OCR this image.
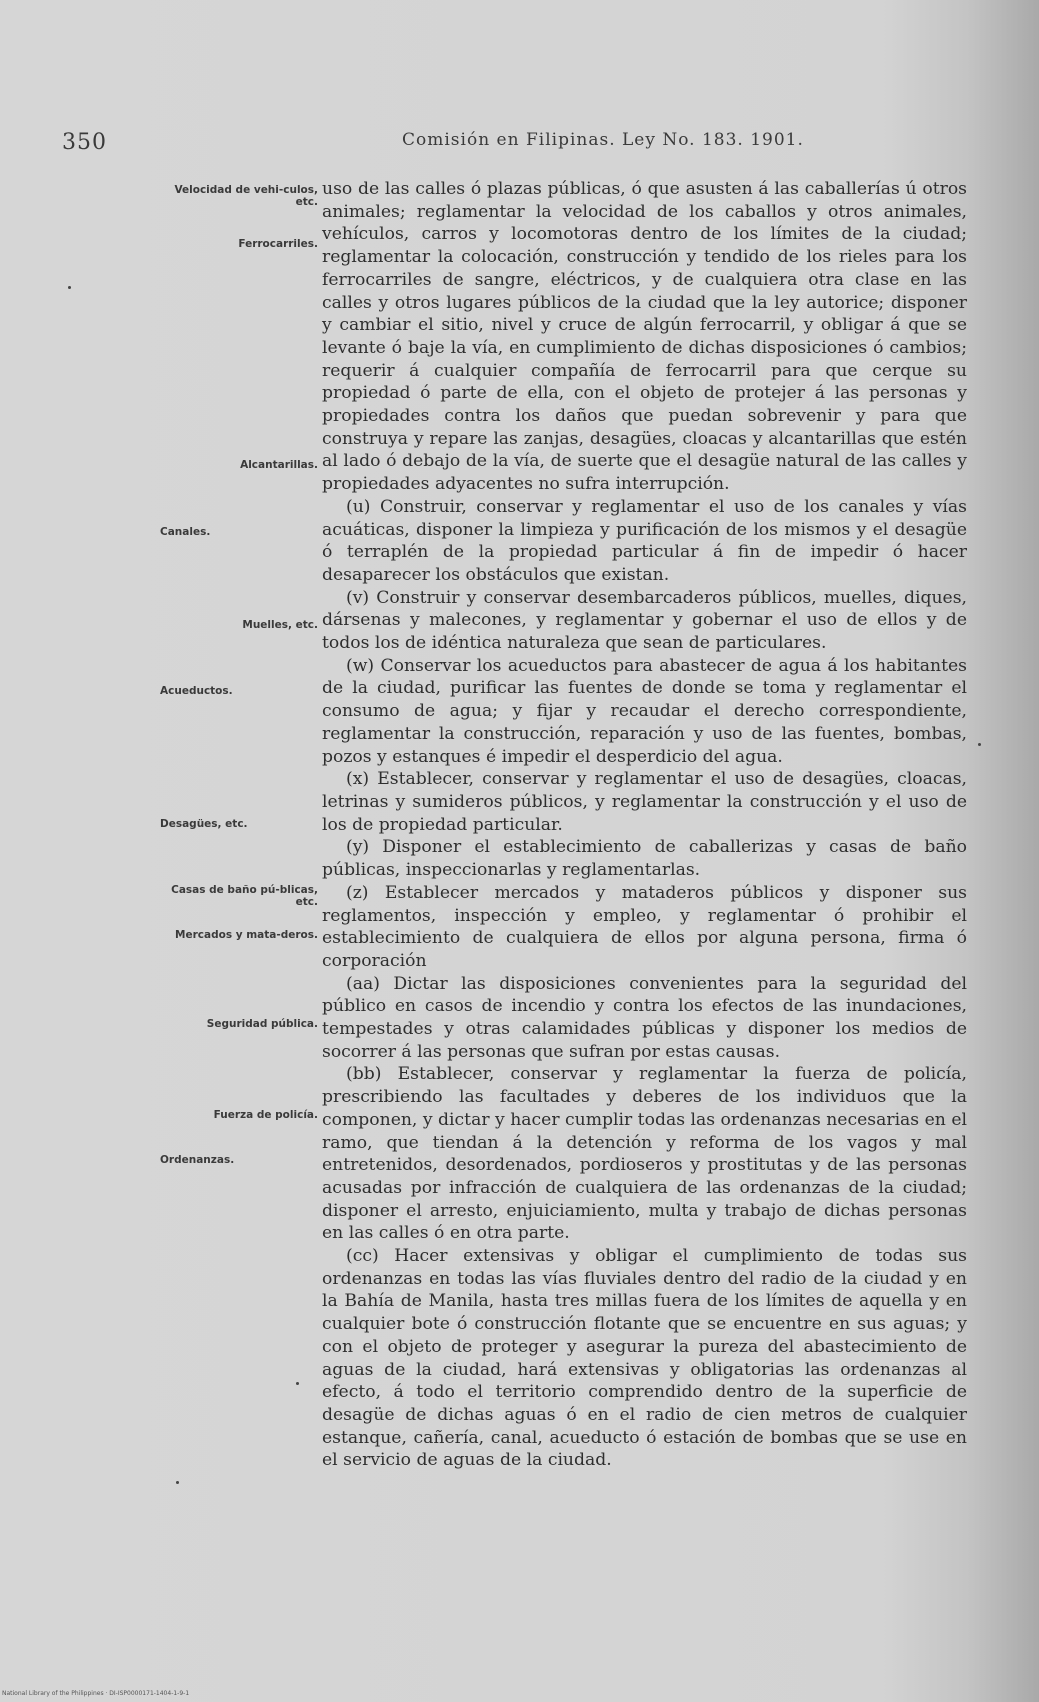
350	Comisión en Filipinas. Ley No. 183. 1901.
Velocidad de vehi-culos, etc.
Ferrocarriles.
Alcantarillas.
Canales.
Muelles, etc.
Acueductos.
Desagües, etc.
Casas de baño pú-blicas, etc.
Mercados y mata-deros.
Seguridad pública.
Fuerza de policía.
Ordenanzas.

uso de las calles ó plazas públicas, ó que asusten á las caballerías ú otros animales; reglamentar la velocidad de los caballos y otros animales, vehículos, carros y locomotoras dentro de los límites de la ciudad; reglamentar la colocación, construcción y tendido de los rieles para los ferrocarriles de sangre, eléctricos, y de cualquiera otra clase en las calles y otros lugares públicos de la ciudad que la ley autorice; disponer y cambiar el sitio, nivel y cruce de algún ferrocarril, y obligar á que se levante ó baje la vía, en cumplimiento de dichas disposiciones ó cambios; requerir á cualquier compañía de ferrocarril para que cerque su propiedad ó parte de ella, con el objeto de protejer á las personas y propiedades contra los daños que puedan sobrevenir y para que construya y repare las zanjas, desagües, cloacas y alcantarillas que estén al lado ó debajo de la vía, de suerte que el desagüe natural de las calles y propiedades adyacentes no sufra interrupción.

(u) Construir, conservar y reglamentar el uso de los canales y vías acuáticas, disponer la limpieza y purificación de los mismos y el desagüe ó terraplén de la propiedad particular á fin de impedir ó hacer desaparecer los obstáculos que existan.

(v) Construir y conservar desembarcaderos públicos, muelles, diques, dársenas y malecones, y reglamentar y gobernar el uso de ellos y de todos los de idéntica naturaleza que sean de particulares.

(w) Conservar los acueductos para abastecer de agua á los habitantes de la ciudad, purificar las fuentes de donde se toma y reglamentar el consumo de agua; y fijar y recaudar el derecho correspondiente, reglamentar la construcción, reparación y uso de las fuentes, bombas, pozos y estanques é impedir el desperdicio del agua.

(x) Establecer, conservar y reglamentar el uso de desagües, cloacas, letrinas y sumideros públicos, y reglamentar la construcción y el uso de los de propiedad particular.

(y) Disponer el establecimiento de caballerizas y casas de baño públicas, inspeccionarlas y reglamentarlas.

(z) Establecer mercados y mataderos públicos y disponer sus reglamentos, inspección y empleo, y reglamentar ó prohibir el establecimiento de cualquiera de ellos por alguna persona, firma ó corporación

(aa) Dictar las disposiciones convenientes para la seguridad del público en casos de incendio y contra los efectos de las inundaciones, tempestades y otras calamidades públicas y disponer los medios de socorrer á las personas que sufran por estas causas.

(bb) Establecer, conservar y reglamentar la fuerza de policía, prescribiendo las facultades y deberes de los individuos que la componen, y dictar y hacer cumplir todas las ordenanzas necesarias en el ramo, que tiendan á la detención y reforma de los vagos y mal entretenidos, desordenados, pordioseros y prostitutas y de las personas acusadas por infracción de cualquiera de las ordenanzas de la ciudad; disponer el arresto, enjuiciamiento, multa y trabajo de dichas personas en las calles ó en otra parte.

(cc) Hacer extensivas y obligar el cumplimiento de todas sus ordenanzas en todas las vías fluviales dentro del radio de la ciudad y en la Bahía de Manila, hasta tres millas fuera de los límites de aquella y en cualquier bote ó construcción flotante que se encuentre en sus aguas; y con el objeto de proteger y asegurar la pureza del abastecimiento de aguas de la ciudad, hará extensivas y obligatorias las ordenanzas al efecto, á todo el territorio comprendido dentro de la superficie de desagüe de dichas aguas ó en el radio de cien metros de cualquier estanque, cañería, canal, acueducto ó estación de bombas que se use en el servicio de aguas de la ciudad.

National Library of the Philippines · DI-ISP0000171-1404-1-9-1
